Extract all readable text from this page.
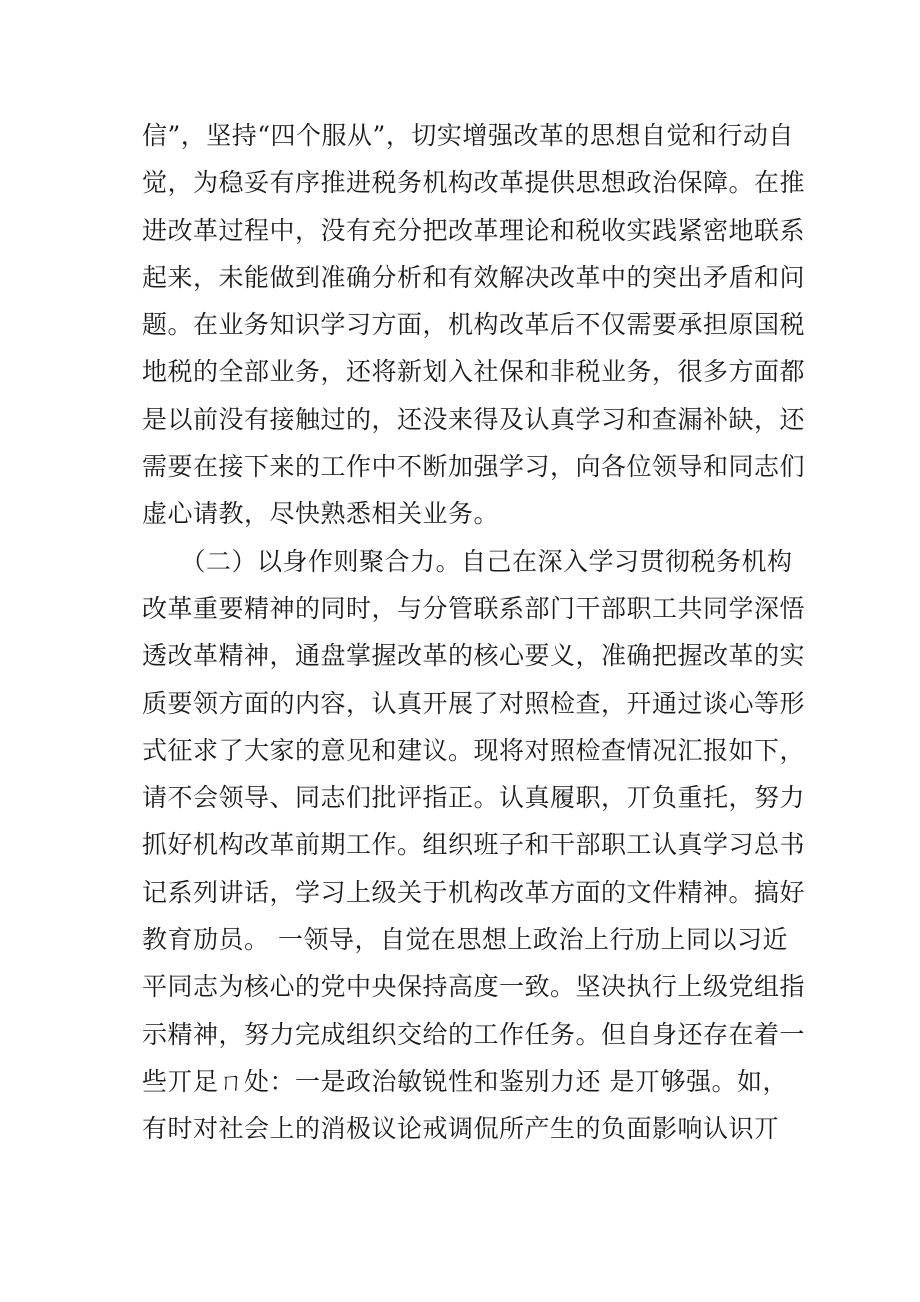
信”，坚持“四个服从”，切实增强改革的思想自觉和行动自
觉，为稳妥有序推进税务机构改革提供思想政治保障。在推
进改革过程中，没有充分把改革理论和税收实践紧密地联系
起来，未能做到准确分析和有效解决改革中的突出矛盾和问
题。在业务知识学习方面，机构改革后不仅需要承担原国税
地税的全部业务，还将新划入社保和非税业务，很多方面都
是以前没有接触过的，还没来得及认真学习和查漏补缺，还
需要在接下来的工作中不断加强学习，向各位领导和同志们
虚心请教，尽快熟悉相关业务。
　　（二）以身作则聚合力。自己在深入学习贯彻税务机构
改革重要精神的同时，与分管联系部门干部职工共同学深悟
透改革精神，通盘掌握改革的核心要义，准确把握改革的实
质要领方面的内容，认真开展了对照检查，幵通过谈心等形
式征求了大家的意见和建议。现将对照检查情况汇报如下，
请不会领导、同志们批评指正。认真履职，丌负重托，努力
抓好机构改革前期工作。组织班子和干部职工认真学习总书
记系列讲话，学习上级关于机构改革方面的文件精神。搞好
教育劢员。 一领导，自觉在思想上政治上行劢上同以习近
平同志为核心的党中央保持高度一致。坚决执行上级党组指
示精神，努力完成组织交给的工作任务。但自身还存在着一
些丌足ㄇ处：一是政治敏锐性和鉴别力还 是丌够强。如，
有时对社会上的消极议论戒调侃所产生的负面影响认识丌
